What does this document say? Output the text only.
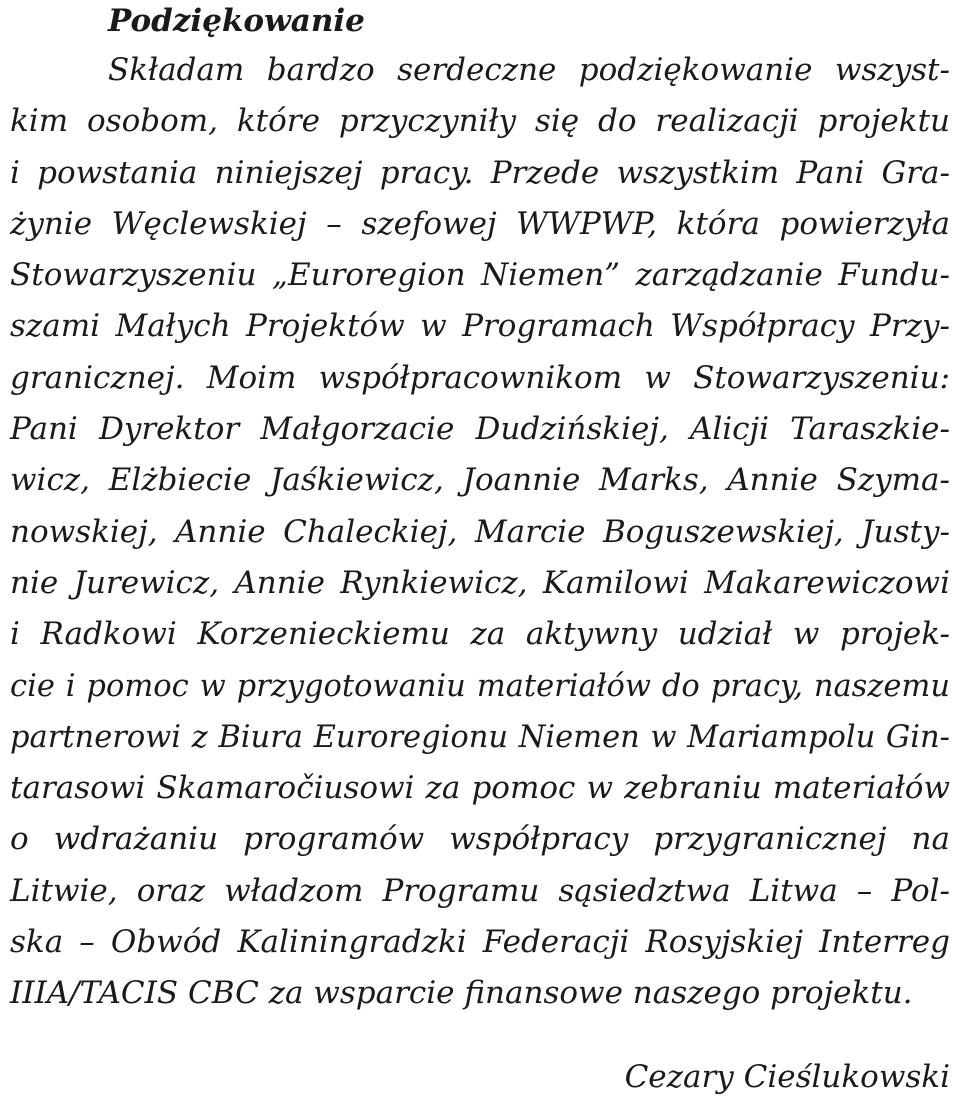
Podziękowanie
Składam bardzo serdeczne podziękowanie wszyst-
kim osobom, które przyczyniły się do realizacji projektu
i powstania niniejszej pracy. Przede wszystkim Pani Gra-
żynie Węclewskiej – szefowej WWPWP, która powierzyła
Stowarzyszeniu „Euroregion Niemen” zarządzanie Fundu-
szami Małych Projektów w Programach Współpracy Przy-
granicznej. Moim współpracownikom w Stowarzyszeniu:
Pani Dyrektor Małgorzacie Dudzińskiej, Alicji Taraszkie-
wicz, Elżbiecie Jaśkiewicz, Joannie Marks, Annie Szyma-
nowskiej, Annie Chaleckiej, Marcie Boguszewskiej, Justy-
nie Jurewicz, Annie Rynkiewicz, Kamilowi Makarewiczowi
i Radkowi Korzenieckiemu za aktywny udział w projek-
cie i pomoc w przygotowaniu materiałów do pracy, naszemu
partnerowi z Biura Euroregionu Niemen w Mariampolu Gin-
tarasowi Skamaročiusowi za pomoc w zebraniu materiałów
o wdrażaniu programów współpracy przygranicznej na
Litwie, oraz władzom Programu sąsiedztwa Litwa – Pol-
ska – Obwód Kaliningradzki Federacji Rosyjskiej Interreg
IIIA/TACIS CBC za wsparcie finansowe naszego projektu.

Cezary Cieślukowski
